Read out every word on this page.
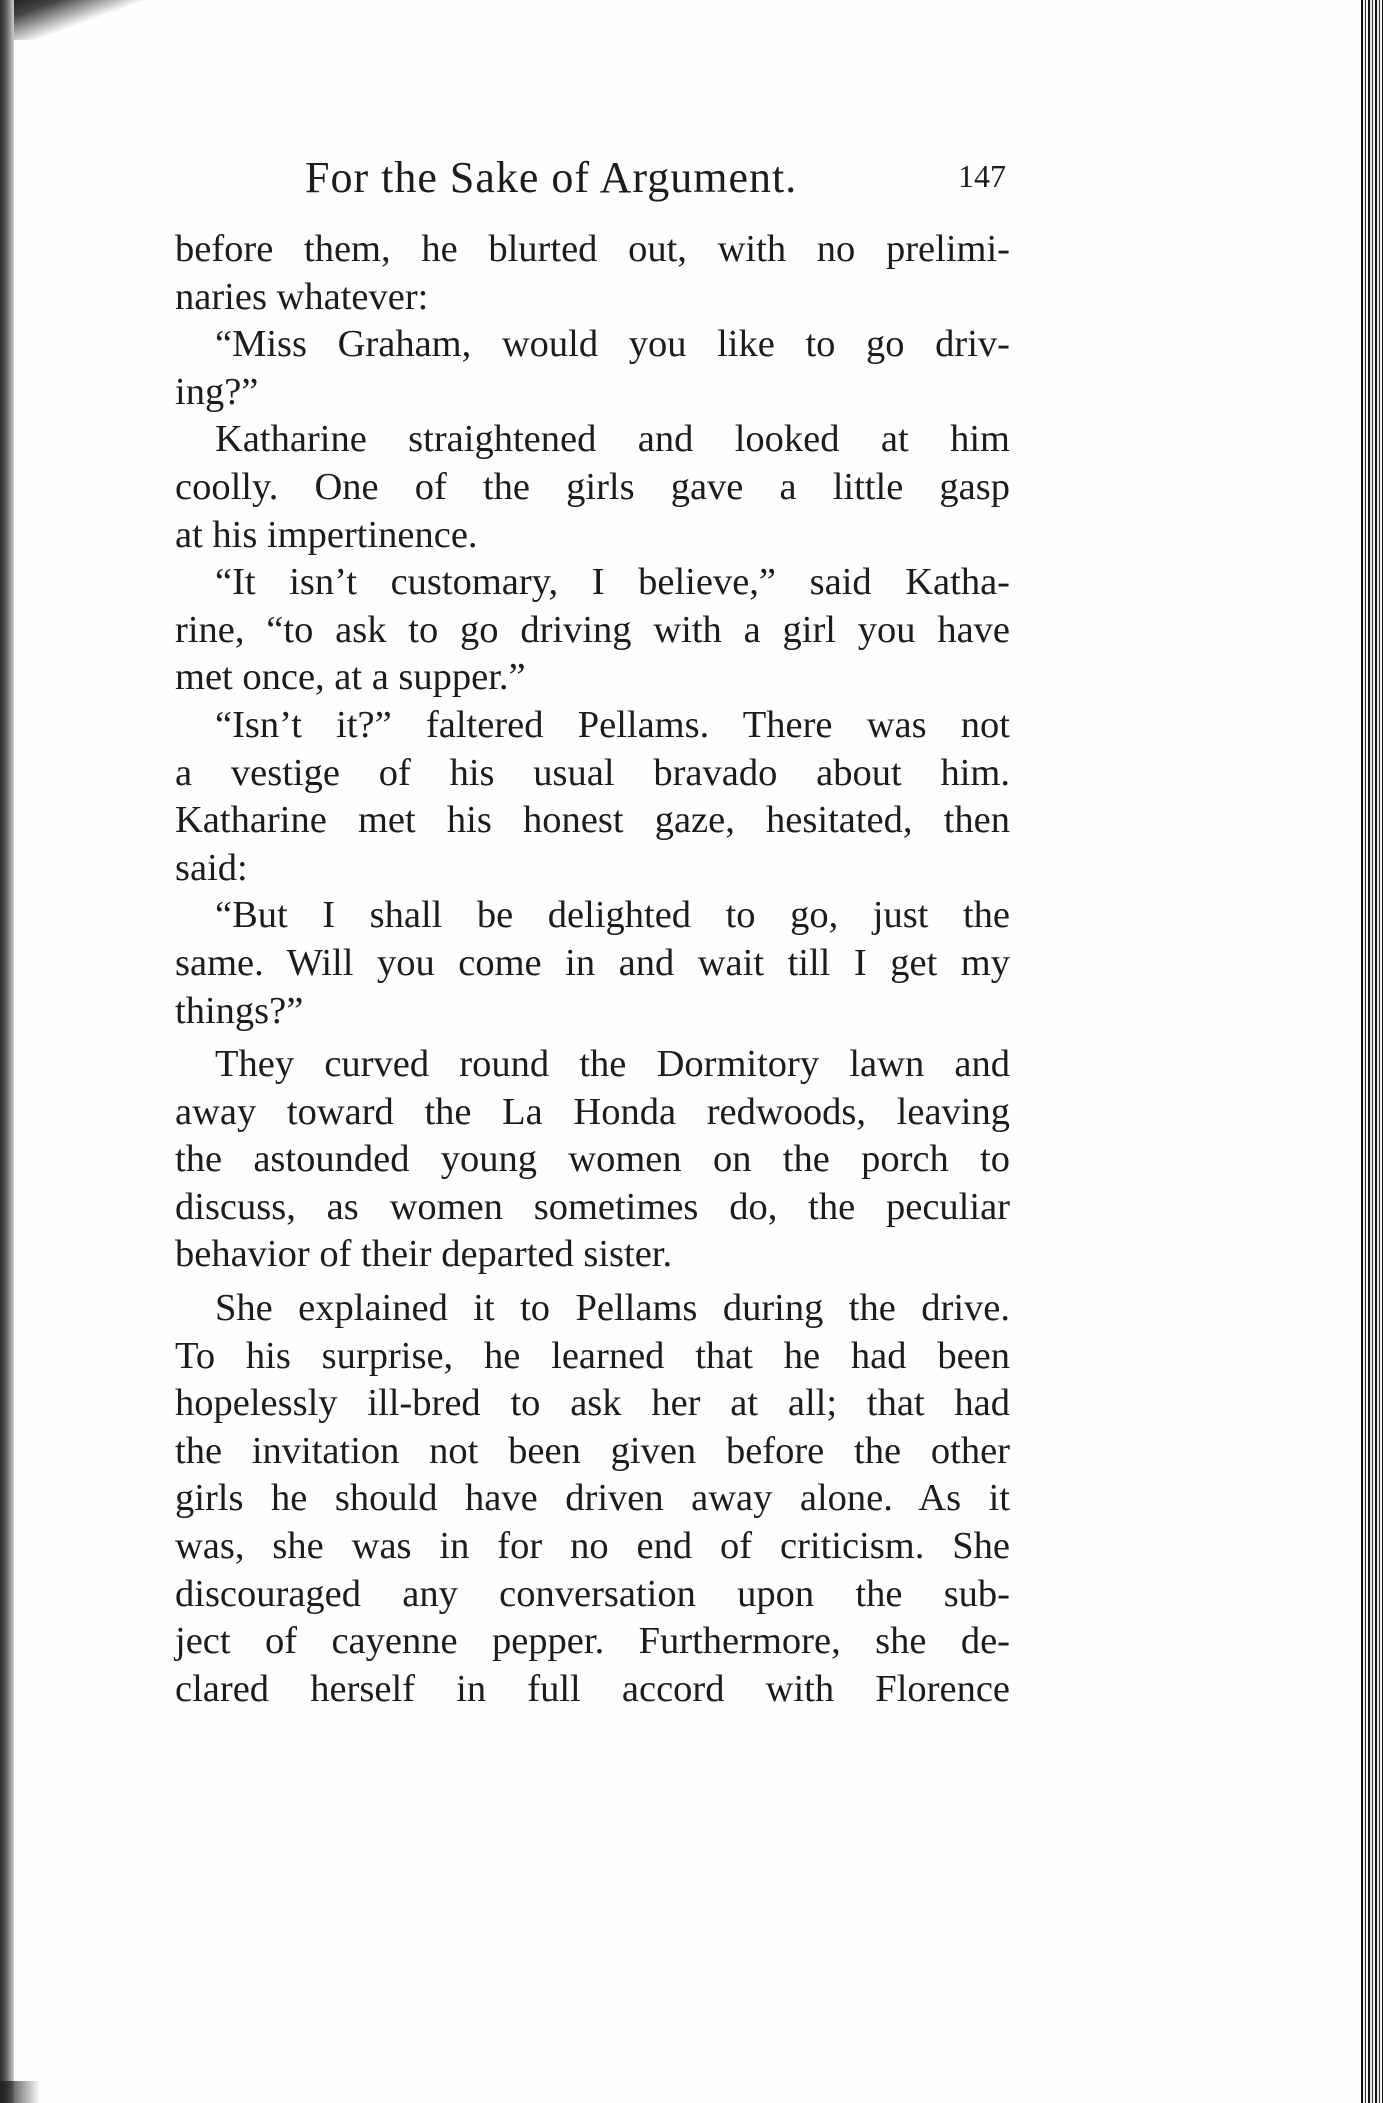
For the Sake of Argument.	147
before them, he blurted out, with no prelimi-
naries whatever:
“Miss Graham, would you like to go driv-
ing?”
Katharine straightened and looked at him
coolly. One of the girls gave a little gasp
at his impertinence.
“It isn’t customary, I believe,” said Katha-
rine, “to ask to go driving with a girl you have
met once, at a supper.”
“Isn’t it?” faltered Pellams. There was not
a vestige of his usual bravado about him.
Katharine met his honest gaze, hesitated, then
said:
“But I shall be delighted to go, just the
same. Will you come in and wait till I get my
things?”
They curved round the Dormitory lawn and
away toward the La Honda redwoods, leaving
the astounded young women on the porch to
discuss, as women sometimes do, the peculiar
behavior of their departed sister.
She explained it to Pellams during the drive.
To his surprise, he learned that he had been
hopelessly ill-bred to ask her at all; that had
the invitation not been given before the other
girls he should have driven away alone. As it
was, she was in for no end of criticism. She
discouraged any conversation upon the sub-
ject of cayenne pepper. Furthermore, she de-
clared herself in full accord with Florence
